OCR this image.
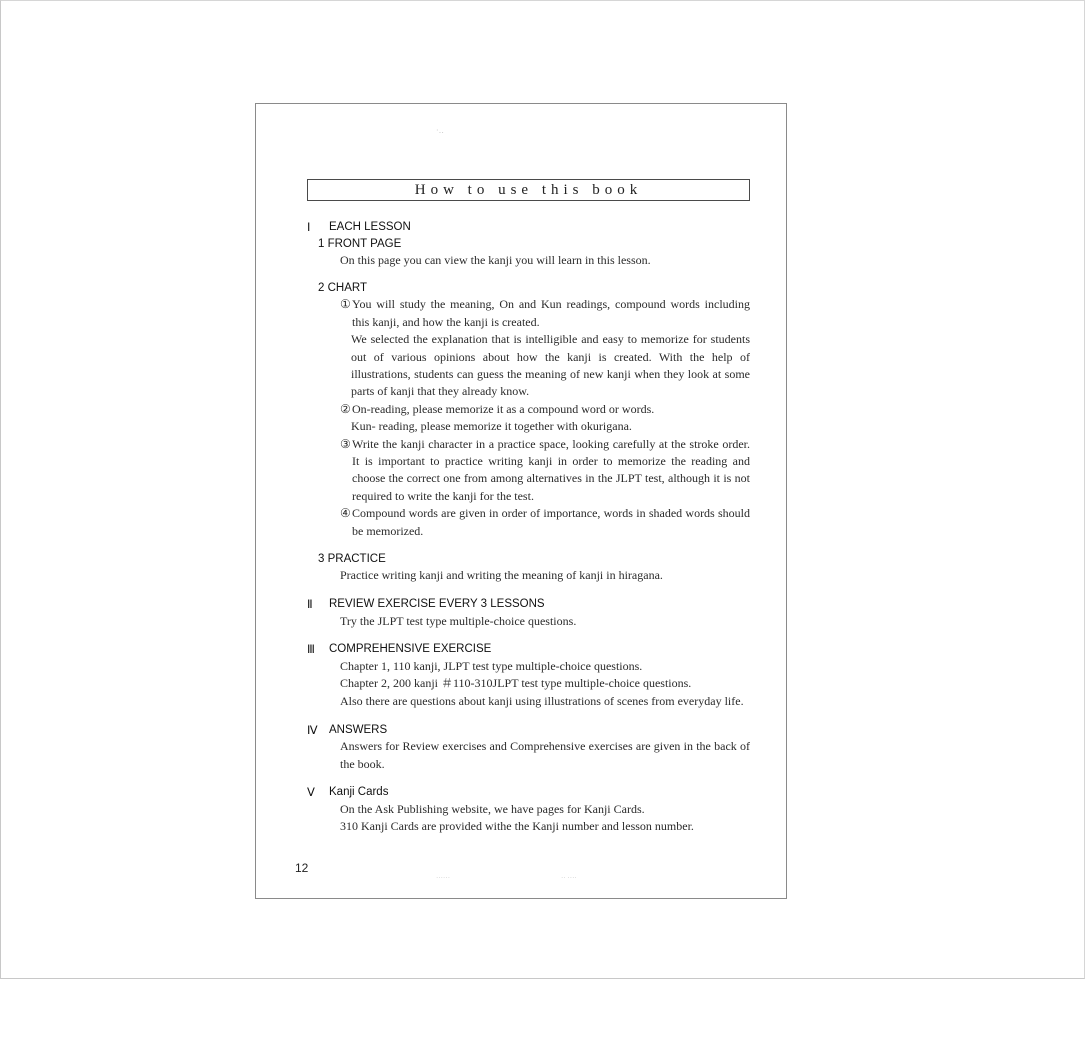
·‥
How to use this book
Ⅰ	EACH LESSON
1 FRONT PAGE
On this page you can view the kanji you will learn in this lesson.
2 CHART
① You will study the meaning, On and Kun readings, compound words including this kanji, and how the kanji is created.
We selected the explanation that is intelligible and easy to memorize for students out of various opinions about how the kanji is created. With the help of illustrations, students can guess the meaning of new kanji when they look at some parts of kanji that they already know.
② On-reading, please memorize it as a compound word or words.
Kun- reading, please memorize it together with okurigana.
③ Write the kanji character in a practice space, looking carefully at the stroke order. It is important to practice writing kanji in order to memorize the reading and choose the correct one from among alternatives in the JLPT test, although it is not required to write the kanji for the test.
④ Compound words are given in order of importance, words in shaded words should be memorized.
3 PRACTICE
Practice writing kanji and writing the meaning of kanji in hiragana.
Ⅱ	REVIEW EXERCISE EVERY 3 LESSONS
Try the JLPT test type multiple-choice questions.
Ⅲ	COMPREHENSIVE EXERCISE
Chapter 1, 110 kanji, JLPT test type multiple-choice questions.
Chapter 2, 200 kanji ＃110-310JLPT test type multiple-choice questions.
Also there are questions about kanji using illustrations of scenes from everyday life.
Ⅳ ANSWERS
Answers for Review exercises and Comprehensive exercises are given in the back of the book.
Ⅴ	Kanji Cards
On the Ask Publishing website, we have pages for Kanji Cards.
310 Kanji Cards are provided withe the Kanji number and lesson number.
12
‥‥‥	‥ ‥‥
